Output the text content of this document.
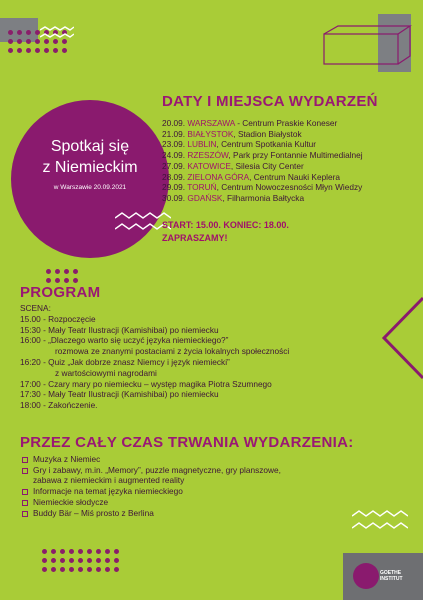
Spotkaj się
z Niemieckim
w Warszawie 20.09.2021
DATY I MIEJSCA WYDARZEŃ
20.09. WARSZAWA - Centrum Praskie Koneser
21.09. BIAŁYSTOK, Stadion Białystok
23.09. LUBLIN, Centrum Spotkania Kultur
24.09. RZESZÓW, Park przy Fontannie Multimedialnej
27.09. KATOWICE, Silesia City Center
28.09. ZIELONA GÓRA, Centrum Nauki Keplera
29.09. TORUŃ, Centrum Nowoczesności Młyn Wiedzy
30.09. GDAŃSK, Filharmonia Bałtycka
START: 15.00. KONIEC: 18.00.
ZAPRASZAMY!
PROGRAM
SCENA:
15.00 - Rozpoczęcie
15:30 - Mały Teatr Ilustracji (Kamishibai) po niemiecku
16:00 - „Dlaczego warto się uczyć języka niemieckiego?”
rozmowa ze znanymi postaciami z życia lokalnych społeczności
16:20 - Quiz „Jak dobrze znasz Niemcy i język niemiecki”
z wartościowymi nagrodami
17:00 - Czary mary po niemiecku – występ magika Piotra Szumnego
17:30 - Mały Teatr Ilustracji (Kamishibai) po niemiecku
18:00 - Zakończenie.
PRZEZ CAŁY CZAS TRWANIA WYDARZENIA:
Muzyka z Niemiec
Gry i zabawy, m.in. „Memory”, puzzle magnetyczne, gry planszowe,
zabawa z niemieckim i augmented reality
Informacje na temat języka niemieckiego
Niemieckie słodycze
Buddy Bär – Miś prosto z Berlina
GOETHE
INSTITUT
